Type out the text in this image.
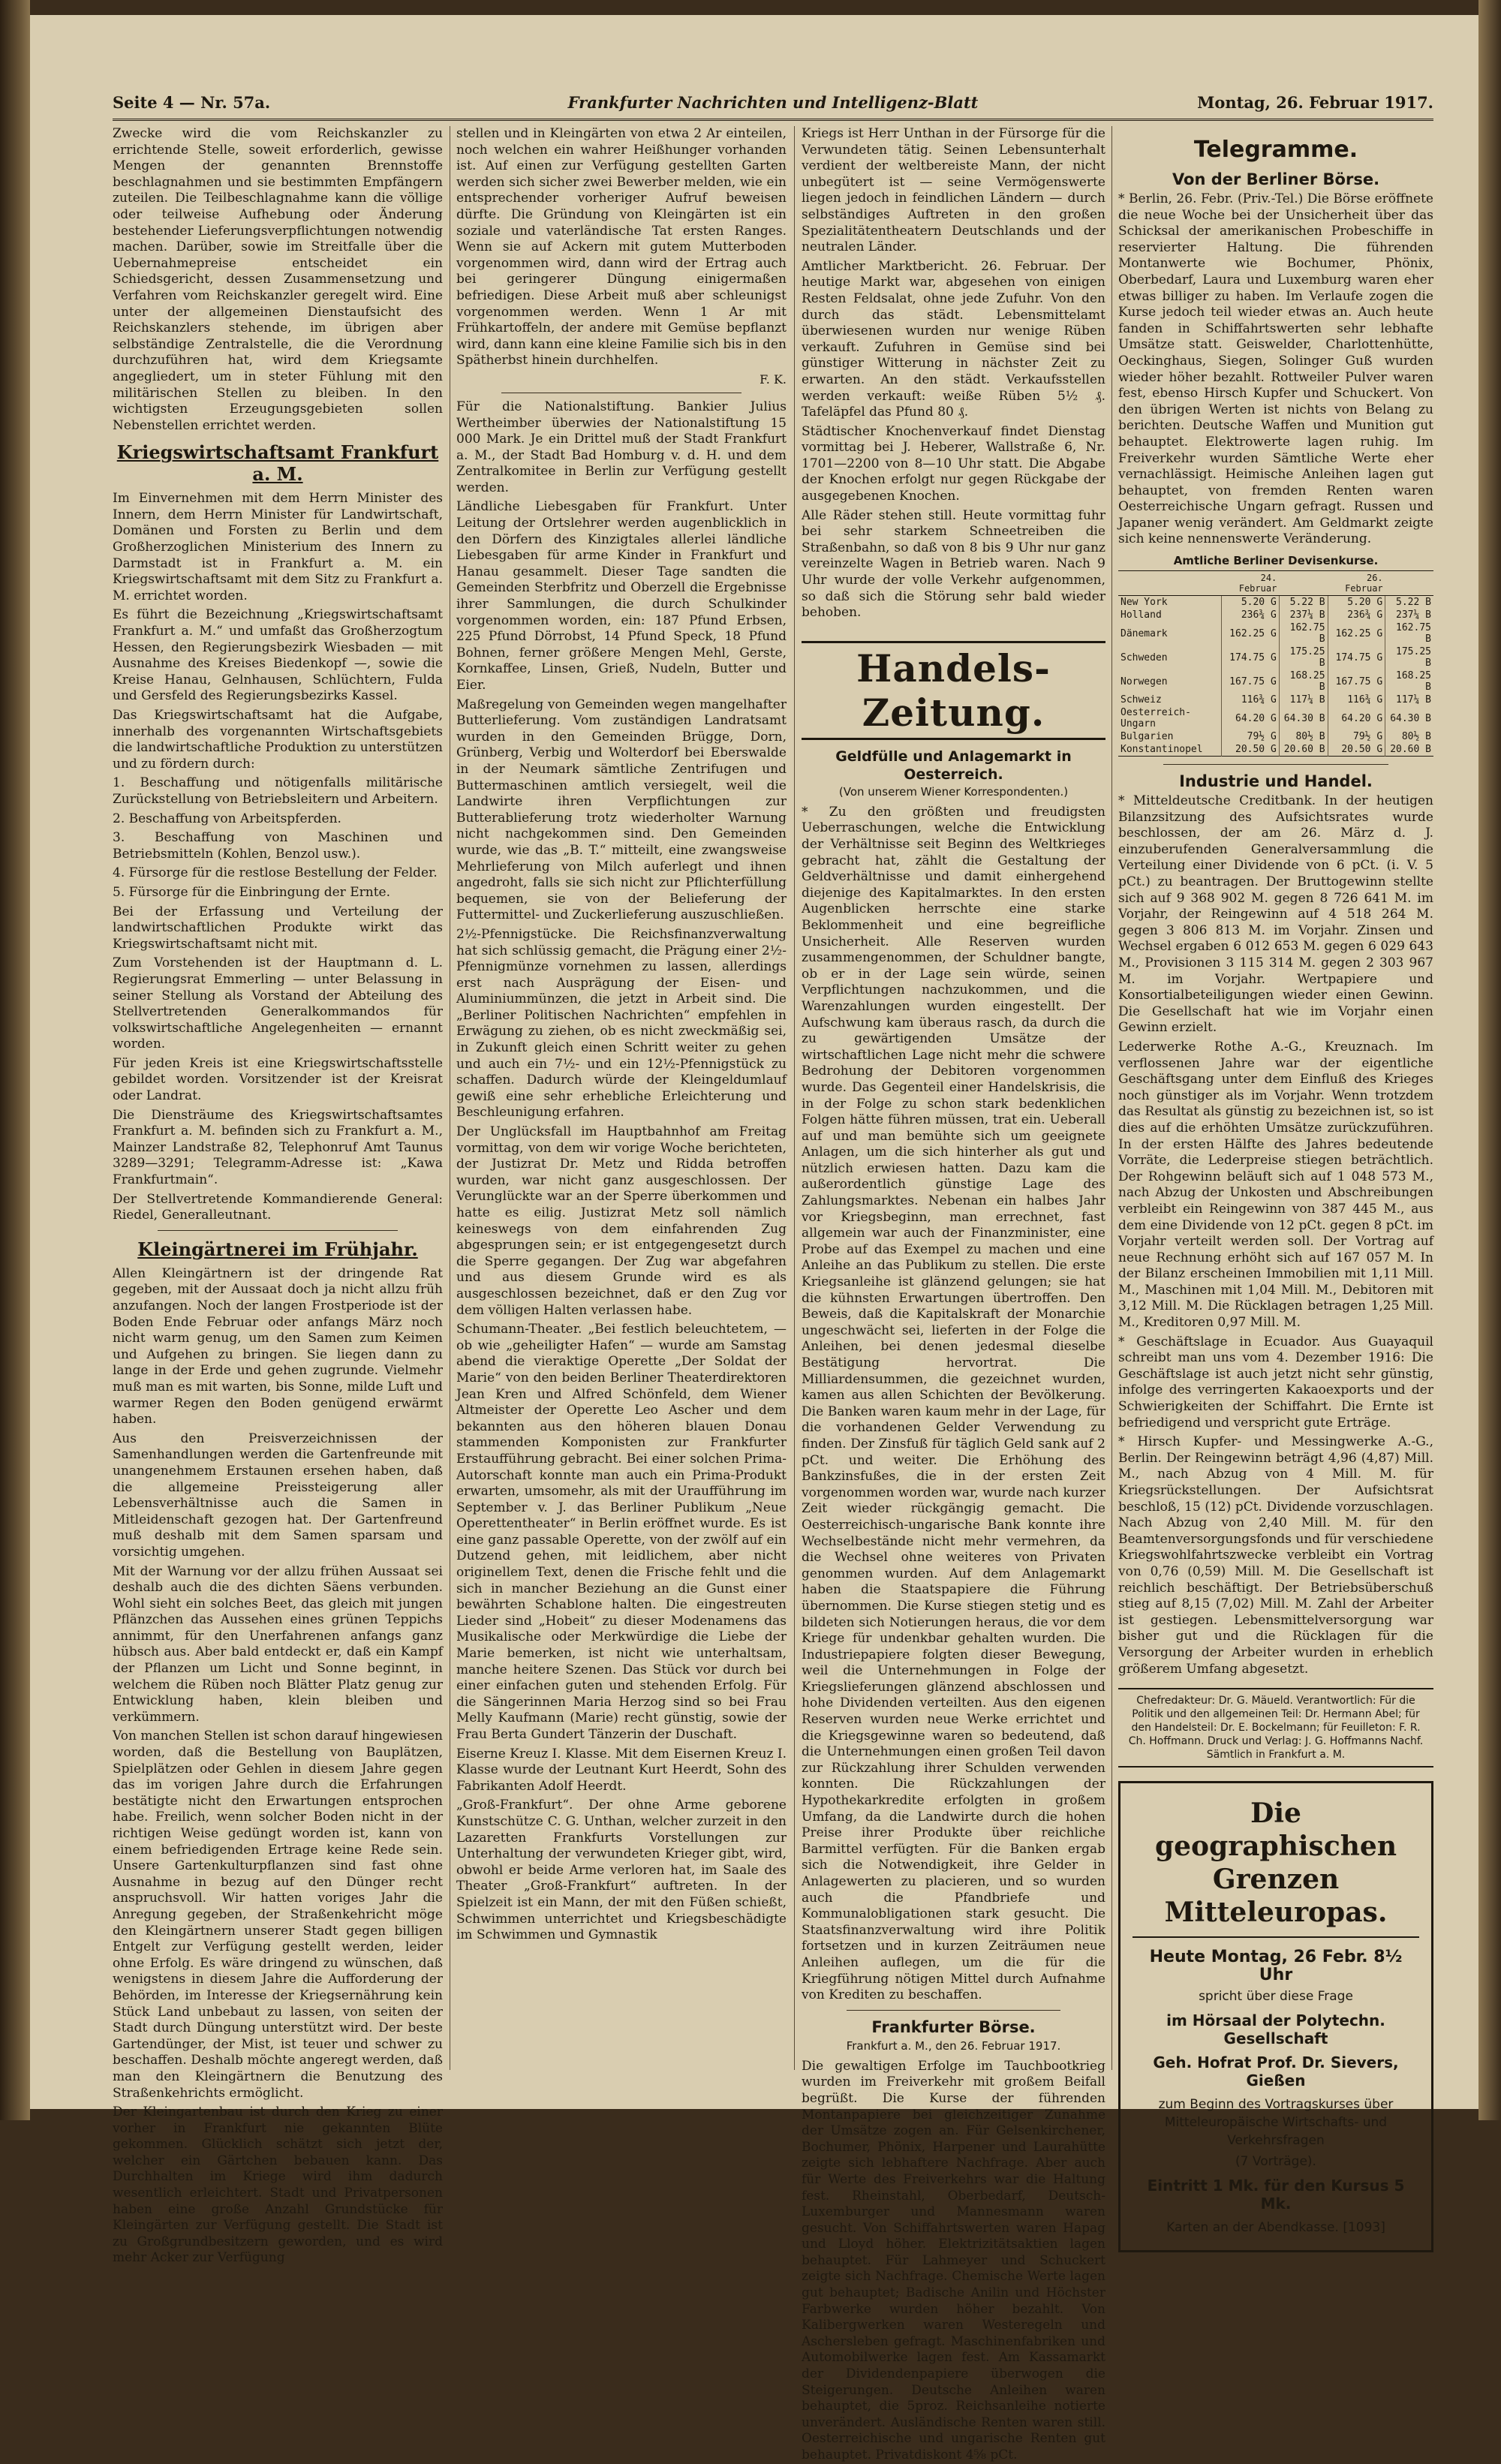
Seite 4 — Nr. 57a.	Frankfurter Nachrichten und Intelligenz-Blatt	Montag, 26. Februar 1917.

Zwecke wird die vom Reichskanzler zu errichtende Stelle, soweit erforderlich, gewisse Mengen der genannten Brennstoffe beschlagnahmen und sie bestimmten Empfängern zuteilen. Die Teilbeschlagnahme kann die völlige oder teilweise Aufhebung oder Änderung bestehender Lieferungsverpflichtungen notwendig machen. Darüber, sowie im Streitfalle über die Uebernahmepreise entscheidet ein Schiedsgericht, dessen Zusammensetzung und Verfahren vom Reichskanzler geregelt wird. Eine unter der allgemeinen Dienstaufsicht des Reichskanzlers stehende, im übrigen aber selbständige Zentralstelle, die die Verordnung durchzuführen hat, wird dem Kriegsamte angegliedert, um in steter Fühlung mit den militärischen Stellen zu bleiben. In den wichtigsten Erzeugungsgebieten sollen Nebenstellen errichtet werden.

Kriegswirtschaftsamt Frankfurt a. M.

Im Einvernehmen mit dem Herrn Minister des Innern, dem Herrn Minister für Landwirtschaft, Domänen und Forsten zu Berlin und dem Großherzoglichen Ministerium des Innern zu Darmstadt ist in Frankfurt a. M. ein Kriegswirtschaftsamt mit dem Sitz zu Frankfurt a. M. errichtet worden.

Es führt die Bezeichnung „Kriegswirtschaftsamt Frankfurt a. M.“ und umfaßt das Großherzogtum Hessen, den Regierungsbezirk Wiesbaden — mit Ausnahme des Kreises Biedenkopf —, sowie die Kreise Hanau, Gelnhausen, Schlüchtern, Fulda und Gersfeld des Regierungsbezirks Kassel.

Das Kriegswirtschaftsamt hat die Aufgabe, innerhalb des vorgenannten Wirtschaftsgebiets die landwirtschaftliche Produktion zu unterstützen und zu fördern durch:

1. Beschaffung und nötigenfalls militärische Zurückstellung von Betriebsleitern und Arbeitern.

2. Beschaffung von Arbeitspferden.

3. Beschaffung von Maschinen und Betriebsmitteln (Kohlen, Benzol usw.).

4. Fürsorge für die restlose Bestellung der Felder.

5. Fürsorge für die Einbringung der Ernte.

Bei der Erfassung und Verteilung der landwirtschaftlichen Produkte wirkt das Kriegswirtschaftsamt nicht mit.

Zum Vorstehenden ist der Hauptmann d. L. Regierungsrat Emmerling — unter Belassung in seiner Stellung als Vorstand der Abteilung des Stellvertretenden Generalkommandos für volkswirtschaftliche Angelegenheiten — ernannt worden.

Für jeden Kreis ist eine Kriegswirtschaftsstelle gebildet worden. Vorsitzender ist der Kreisrat oder Landrat.

Die Diensträume des Kriegswirtschaftsamtes Frankfurt a. M. befinden sich zu Frankfurt a. M., Mainzer Landstraße 82, Telephonruf Amt Taunus 3289—3291; Telegramm-Adresse ist: „Kawa Frankfurtmain“.

Der Stellvertretende Kommandierende General: Riedel, Generalleutnant.

Kleingärtnerei im Frühjahr.

Allen Kleingärtnern ist der dringende Rat gegeben, mit der Aussaat doch ja nicht allzu früh anzufangen. Noch der langen Frostperiode ist der Boden Ende Februar oder anfangs März noch nicht warm genug, um den Samen zum Keimen und Aufgehen zu bringen. Sie liegen dann zu lange in der Erde und gehen zugrunde. Vielmehr muß man es mit warten, bis Sonne, milde Luft und warmer Regen den Boden genügend erwärmt haben.

Aus den Preisverzeichnissen der Samenhandlungen werden die Gartenfreunde mit unangenehmem Erstaunen ersehen haben, daß die allgemeine Preissteigerung aller Lebensverhältnisse auch die Samen in Mitleidenschaft gezogen hat. Der Gartenfreund muß deshalb mit dem Samen sparsam und vorsichtig umgehen.

Mit der Warnung vor der allzu frühen Aussaat sei deshalb auch die des dichten Säens verbunden. Wohl sieht ein solches Beet, das gleich mit jungen Pflänzchen das Aussehen eines grünen Teppichs annimmt, für den Unerfahrenen anfangs ganz hübsch aus. Aber bald entdeckt er, daß ein Kampf der Pflanzen um Licht und Sonne beginnt, in welchem die Rüben noch Blätter Platz genug zur Entwicklung haben, klein bleiben und verkümmern.

Von manchen Stellen ist schon darauf hingewiesen worden, daß die Bestellung von Bauplätzen, Spielplätzen oder Gehlen in diesem Jahre gegen das im vorigen Jahre durch die Erfahrungen bestätigte nicht den Erwartungen entsprochen habe. Freilich, wenn solcher Boden nicht in der richtigen Weise gedüngt worden ist, kann von einem befriedigenden Ertrage keine Rede sein. Unsere Gartenkulturpflanzen sind fast ohne Ausnahme in bezug auf den Dünger recht anspruchsvoll. Wir hatten voriges Jahr die Anregung gegeben, der Straßenkehricht möge den Kleingärtnern unserer Stadt gegen billigen Entgelt zur Verfügung gestellt werden, leider ohne Erfolg. Es wäre dringend zu wünschen, daß wenigstens in diesem Jahre die Aufforderung der Behörden, im Interesse der Kriegsernährung kein Stück Land unbebaut zu lassen, von seiten der Stadt durch Düngung unterstützt wird. Der beste Gartendünger, der Mist, ist teuer und schwer zu beschaffen. Deshalb möchte angeregt werden, daß man den Kleingärtnern die Benutzung des Straßenkehrichts ermöglicht.

Der Kleingartenbau ist durch den Krieg zu einer vorher in Frankfurt nie gekannten Blüte gekommen. Glücklich schätzt sich jetzt der, welcher ein Gärtchen bebauen kann. Das Durchhalten im Kriege wird ihm dadurch wesentlich erleichtert. Stadt und Privatpersonen haben eine große Anzahl Grundstücke für Kleingärten zur Verfügung gestellt. Die Stadt ist zu Großgrundbesitzern geworden, und es wird mehr Acker zur Verfügung

stellen und in Kleingärten von etwa 2 Ar einteilen, noch welchen ein wahrer Heißhunger vorhanden ist. Auf einen zur Verfügung gestellten Garten werden sich sicher zwei Bewerber melden, wie ein entsprechender vorheriger Aufruf beweisen dürfte. Die Gründung von Kleingärten ist ein soziale und vaterländische Tat ersten Ranges. Wenn sie auf Ackern mit gutem Mutterboden vorgenommen wird, dann wird der Ertrag auch bei geringerer Düngung einigermaßen befriedigen. Diese Arbeit muß aber schleunigst vorgenommen werden. Wenn 1 Ar mit Frühkartoffeln, der andere mit Gemüse bepflanzt wird, dann kann eine kleine Familie sich bis in den Spätherbst hinein durchhelfen.

F. K.

Für die Nationalstiftung. Bankier Julius Wertheimber überwies der Nationalstiftung 15 000 Mark. Je ein Drittel muß der Stadt Frankfurt a. M., der Stadt Bad Homburg v. d. H. und dem Zentralkomitee in Berlin zur Verfügung gestellt werden.

Ländliche Liebesgaben für Frankfurt. Unter Leitung der Ortslehrer werden augenblicklich in den Dörfern des Kinzigtales allerlei ländliche Liebesgaben für arme Kinder in Frankfurt und Hanau gesammelt. Dieser Tage sandten die Gemeinden Sterbfritz und Oberzell die Ergebnisse ihrer Sammlungen, die durch Schulkinder vorgenommen worden, ein: 187 Pfund Erbsen, 225 Pfund Dörrobst, 14 Pfund Speck, 18 Pfund Bohnen, ferner größere Mengen Mehl, Gerste, Kornkaffee, Linsen, Grieß, Nudeln, Butter und Eier.

Maßregelung von Gemeinden wegen mangelhafter Butterlieferung. Vom zuständigen Landratsamt wurden in den Gemeinden Brügge, Dorn, Grünberg, Verbig und Wolterdorf bei Eberswalde in der Neumark sämtliche Zentrifugen und Buttermaschinen amtlich versiegelt, weil die Landwirte ihren Verpflichtungen zur Butterablieferung trotz wiederholter Warnung nicht nachgekommen sind. Den Gemeinden wurde, wie das „B. T.“ mitteilt, eine zwangsweise Mehrlieferung von Milch auferlegt und ihnen angedroht, falls sie sich nicht zur Pflichterfüllung bequemen, sie von der Belieferung der Futtermittel- und Zuckerlieferung auszuschließen.

2½-Pfennigstücke. Die Reichsfinanzverwaltung hat sich schlüssig gemacht, die Prägung einer 2½-Pfennigmünze vornehmen zu lassen, allerdings erst nach Ausprägung der Eisen- und Aluminiummünzen, die jetzt in Arbeit sind. Die „Berliner Politischen Nachrichten“ empfehlen in Erwägung zu ziehen, ob es nicht zweckmäßig sei, in Zukunft gleich einen Schritt weiter zu gehen und auch ein 7½- und ein 12½-Pfennigstück zu schaffen. Dadurch würde der Kleingeldumlauf gewiß eine sehr erhebliche Erleichterung und Beschleunigung erfahren.

Der Unglücksfall im Hauptbahnhof am Freitag vormittag, von dem wir vorige Woche berichteten, der Justizrat Dr. Metz und Ridda betroffen wurden, war nicht ganz ausgeschlossen. Der Verunglückte war an der Sperre überkommen und hatte es eilig. Justizrat Metz soll nämlich keineswegs von dem einfahrenden Zug abgesprungen sein; er ist entgegengesetzt durch die Sperre gegangen. Der Zug war abgefahren und aus diesem Grunde wird es als ausgeschlossen bezeichnet, daß er den Zug vor dem völligen Halten verlassen habe.

Schumann-Theater. „Bei festlich beleuchtetem, — ob wie „geheiligter Hafen“ — wurde am Samstag abend die vieraktige Operette „Der Soldat der Marie“ von den beiden Berliner Theaterdirektoren Jean Kren und Alfred Schönfeld, dem Wiener Altmeister der Operette Leo Ascher und dem bekannten aus den höheren blauen Donau stammenden Komponisten zur Frankfurter Erstaufführung gebracht. Bei einer solchen Prima-Autorschaft konnte man auch ein Prima-Produkt erwarten, umsomehr, als mit der Uraufführung im September v. J. das Berliner Publikum „Neue Operettentheater“ in Berlin eröffnet wurde. Es ist eine ganz passable Operette, von der zwölf auf ein Dutzend gehen, mit leidlichem, aber nicht originellem Text, denen die Frische fehlt und die sich in mancher Beziehung an die Gunst einer bewährten Schablone halten. Die eingestreuten Lieder sind „Hobeit“ zu dieser Modenamens das Musikalische oder Merkwürdige die Liebe der Marie bemerken, ist nicht wie unterhaltsam, manche heitere Szenen. Das Stück vor durch bei einer einfachen guten und stehenden Erfolg. Für die Sängerinnen Maria Herzog sind so bei Frau Melly Kaufmann (Marie) recht günstig, sowie der Frau Berta Gundert Tänzerin der Duschaft.

Eiserne Kreuz I. Klasse. Mit dem Eisernen Kreuz I. Klasse wurde der Leutnant Kurt Heerdt, Sohn des Fabrikanten Adolf Heerdt.

„Groß-Frankfurt“. Der ohne Arme geborene Kunstschütze C. G. Unthan, welcher zurzeit in den Lazaretten Frankfurts Vorstellungen zur Unterhaltung der verwundeten Krieger gibt, wird, obwohl er beide Arme verloren hat, im Saale des Theater „Groß-Frankfurt“ auftreten. In der Spielzeit ist ein Mann, der mit den Füßen schießt, Schwimmen unterrichtet und Kriegsbeschädigte im Schwimmen und Gymnastik

Kriegs ist Herr Unthan in der Fürsorge für die Verwundeten tätig. Seinen Lebensunterhalt verdient der weltbereiste Mann, der nicht unbegütert ist — seine Vermögenswerte liegen jedoch in feindlichen Ländern — durch selbständiges Auftreten in den großen Spezialitätentheatern Deutschlands und der neutralen Länder.

Amtlicher Marktbericht. 26. Februar. Der heutige Markt war, abgesehen von einigen Resten Feldsalat, ohne jede Zufuhr. Von den durch das städt. Lebensmittelamt überwiesenen wurden nur wenige Rüben verkauft. Zufuhren in Gemüse sind bei günstiger Witterung in nächster Zeit zu erwarten. An den städt. Verkaufsstellen werden verkauft: weiße Rüben 5½ ₰. Tafeläpfel das Pfund 80 ₰.

Städtischer Knochenverkauf findet Dienstag vormittag bei J. Heberer, Wallstraße 6, Nr. 1701—2200 von 8—10 Uhr statt. Die Abgabe der Knochen erfolgt nur gegen Rückgabe der ausgegebenen Knochen.

Alle Räder stehen still. Heute vormittag fuhr bei sehr starkem Schneetreiben die Straßenbahn, so daß von 8 bis 9 Uhr nur ganz vereinzelte Wagen in Betrieb waren. Nach 9 Uhr wurde der volle Verkehr aufgenommen, so daß sich die Störung sehr bald wieder behoben.

Handels-Zeitung.
Geldfülle und Anlagemarkt in Oesterreich.
(Von unserem Wiener Korrespondenten.)

* Zu den größten und freudigsten Ueberraschungen, welche die Entwicklung der Verhältnisse seit Beginn des Weltkrieges gebracht hat, zählt die Gestaltung der Geldverhältnisse und damit einhergehend diejenige des Kapitalmarktes. In den ersten Augenblicken herrschte eine starke Beklommenheit und eine begreifliche Unsicherheit. Alle Reserven wurden zusammengenommen, der Schuldner bangte, ob er in der Lage sein würde, seinen Verpflichtungen nachzukommen, und die Warenzahlungen wurden eingestellt. Der Aufschwung kam überaus rasch, da durch die zu gewärtigenden Umsätze der wirtschaftlichen Lage nicht mehr die schwere Bedrohung der Debitoren vorgenommen wurde. Das Gegenteil einer Handelskrisis, die in der Folge zu schon stark bedenklichen Folgen hätte führen müssen, trat ein. Ueberall auf und man bemühte sich um geeignete Anlagen, um die sich hinterher als gut und nützlich erwiesen hatten. Dazu kam die außerordentlich günstige Lage des Zahlungsmarktes. Nebenan ein halbes Jahr vor Kriegsbeginn, man errechnet, fast allgemein war auch der Finanzminister, eine Probe auf das Exempel zu machen und eine Anleihe an das Publikum zu stellen. Die erste Kriegsanleihe ist glänzend gelungen; sie hat die kühnsten Erwartungen übertroffen. Den Beweis, daß die Kapitalskraft der Monarchie ungeschwächt sei, lieferten in der Folge die Anleihen, bei denen jedesmal dieselbe Bestätigung hervortrat. Die Milliardensummen, die gezeichnet wurden, kamen aus allen Schichten der Bevölkerung. Die Banken waren kaum mehr in der Lage, für die vorhandenen Gelder Verwendung zu finden. Der Zinsfuß für täglich Geld sank auf 2 pCt. und weiter. Die Erhöhung des Bankzinsfußes, die in der ersten Zeit vorgenommen worden war, wurde nach kurzer Zeit wieder rückgängig gemacht. Die Oesterreichisch-ungarische Bank konnte ihre Wechselbestände nicht mehr vermehren, da die Wechsel ohne weiteres von Privaten genommen wurden. Auf dem Anlagemarkt haben die Staatspapiere die Führung übernommen. Die Kurse stiegen stetig und es bildeten sich Notierungen heraus, die vor dem Kriege für undenkbar gehalten wurden. Die Industriepapiere folgten dieser Bewegung, weil die Unternehmungen in Folge der Kriegslieferungen glänzend abschlossen und hohe Dividenden verteilten. Aus den eigenen Reserven wurden neue Werke errichtet und die Kriegsgewinne waren so bedeutend, daß die Unternehmungen einen großen Teil davon zur Rückzahlung ihrer Schulden verwenden konnten. Die Rückzahlungen der Hypothekarkredite erfolgten in großem Umfang, da die Landwirte durch die hohen Preise ihrer Produkte über reichliche Barmittel verfügten. Für die Banken ergab sich die Notwendigkeit, ihre Gelder in Anlagewerten zu placieren, und so wurden auch die Pfandbriefe und Kommunalobligationen stark gesucht. Die Staatsfinanzverwaltung wird ihre Politik fortsetzen und in kurzen Zeiträumen neue Anleihen auflegen, um die für die Kriegführung nötigen Mittel durch Aufnahme von Krediten zu beschaffen.

Frankfurter Börse.
Frankfurt a. M., den 26. Februar 1917.

Die gewaltigen Erfolge im Tauchbootkrieg wurden im Freiverkehr mit großem Beifall begrüßt. Die Kurse der führenden Montanpapiere bei gleichzeitiger Zunahme der Umsätze zogen an. Für Gelsenkirchener, Bochumer, Phönix, Harpener und Laurahütte zeigte sich lebhaftere Nachfrage. Aber auch für Werte des Freiverkehrs war die Haltung fest. Rheinstahl, Oberbedarf, Deutsch-Luxemburger und Mannesmann waren gesucht. Von Schiffahrtswerten waren Hapag und Lloyd höher. Elektrizitätsaktien lagen behauptet. Für Lahmeyer und Schuckert zeigte sich Nachfrage. Chemische Werte lagen gut behauptet; Badische Anilin und Höchster Farbwerke wurden höher bezahlt. Von Kalibergwerken waren Westeregeln und Aschersleben gefragt. Maschinenfabriken und Automobilwerke lagen fest. Am Kassamarkt der Dividendenpapiere überwogen die Steigerungen. Deutsche Anleihen waren behauptet, die 5proz. Reichsanleihe notierte unverändert. Ausländische Renten waren still. Oesterreichische und ungarische Renten gut behauptet. Privatdiskont 4⅝ pCt.

Telegramme.
Von der Berliner Börse.

* Berlin, 26. Febr. (Priv.-Tel.) Die Börse eröffnete die neue Woche bei der Unsicherheit über das Schicksal der amerikanischen Probeschiffe in reservierter Haltung. Die führenden Montanwerte wie Bochumer, Phönix, Oberbedarf, Laura und Luxemburg waren eher etwas billiger zu haben. Im Verlaufe zogen die Kurse jedoch teil wieder etwas an. Auch heute fanden in Schiffahrtswerten sehr lebhafte Umsätze statt. Geiswelder, Charlottenhütte, Oeckinghaus, Siegen, Solinger Guß wurden wieder höher bezahlt. Rottweiler Pulver waren fest, ebenso Hirsch Kupfer und Schuckert. Von den übrigen Werten ist nichts von Belang zu berichten. Deutsche Waffen und Munition gut behauptet. Elektrowerte lagen ruhig. Im Freiverkehr wurden Sämtliche Werte eher vernachlässigt. Heimische Anleihen lagen gut behauptet, von fremden Renten waren Oesterreichische Ungarn gefragt. Russen und Japaner wenig verändert. Am Geldmarkt zeigte sich keine nennenswerte Veränderung.

Amtliche Berliner Devisenkurse.
	24. Februar		26. Februar	
New York	5.20 G	5.22 B	5.20 G	5.22 B
Holland	236¾ G	237¼ B	236¾ G	237¼ B
Dänemark	162.25 G	162.75 B	162.25 G	162.75 B
Schweden	174.75 G	175.25 B	174.75 G	175.25 B
Norwegen	167.75 G	168.25 B	167.75 G	168.25 B
Schweiz	116¾ G	117¼ B	116¾ G	117¼ B
Oesterreich-Ungarn	64.20 G	64.30 B	64.20 G	64.30 B
Bulgarien	79½ G	80½ B	79½ G	80½ B
Konstantinopel	20.50 G	20.60 B	20.50 G	20.60 B
Industrie und Handel.

* Mitteldeutsche Creditbank. In der heutigen Bilanzsitzung des Aufsichtsrates wurde beschlossen, der am 26. März d. J. einzuberufenden Generalversammlung die Verteilung einer Dividende von 6 pCt. (i. V. 5 pCt.) zu beantragen. Der Bruttogewinn stellte sich auf 9 368 902 M. gegen 8 726 641 M. im Vorjahr, der Reingewinn auf 4 518 264 M. gegen 3 806 813 M. im Vorjahr. Zinsen und Wechsel ergaben 6 012 653 M. gegen 6 029 643 M., Provisionen 3 115 314 M. gegen 2 303 967 M. im Vorjahr. Wertpapiere und Konsortialbeteiligungen wieder einen Gewinn. Die Gesellschaft hat wie im Vorjahr einen Gewinn erzielt.

Lederwerke Rothe A.-G., Kreuznach. Im verflossenen Jahre war der eigentliche Geschäftsgang unter dem Einfluß des Krieges noch günstiger als im Vorjahr. Wenn trotzdem das Resultat als günstig zu bezeichnen ist, so ist dies auf die erhöhten Umsätze zurückzuführen. In der ersten Hälfte des Jahres bedeutende Vorräte, die Lederpreise stiegen beträchtlich. Der Rohgewinn beläuft sich auf 1 048 573 M., nach Abzug der Unkosten und Abschreibungen verbleibt ein Reingewinn von 387 445 M., aus dem eine Dividende von 12 pCt. gegen 8 pCt. im Vorjahr verteilt werden soll. Der Vortrag auf neue Rechnung erhöht sich auf 167 057 M. In der Bilanz erscheinen Immobilien mit 1,11 Mill. M., Maschinen mit 1,04 Mill. M., Debitoren mit 3,12 Mill. M. Die Rücklagen betragen 1,25 Mill. M., Kreditoren 0,97 Mill. M.

* Geschäftslage in Ecuador. Aus Guayaquil schreibt man uns vom 4. Dezember 1916: Die Geschäftslage ist auch jetzt nicht sehr günstig, infolge des verringerten Kakaoexports und der Schwierigkeiten der Schiffahrt. Die Ernte ist befriedigend und verspricht gute Erträge.

* Hirsch Kupfer- und Messingwerke A.-G., Berlin. Der Reingewinn beträgt 4,96 (4,87) Mill. M., nach Abzug von 4 Mill. M. für Kriegsrückstellungen. Der Aufsichtsrat beschloß, 15 (12) pCt. Dividende vorzuschlagen. Nach Abzug von 2,40 Mill. M. für den Beamtenversorgungsfonds und für verschiedene Kriegswohlfahrtszwecke verbleibt ein Vortrag von 0,76 (0,59) Mill. M. Die Gesellschaft ist reichlich beschäftigt. Der Betriebsüberschuß stieg auf 8,15 (7,02) Mill. M. Zahl der Arbeiter ist gestiegen. Lebensmittelversorgung war bisher gut und die Rücklagen für die Versorgung der Arbeiter wurden in erheblich größerem Umfang abgesetzt.

Chefredakteur: Dr. G. Mäueld. Verantwortlich: Für die Politik und den allgemeinen Teil: Dr. Hermann Abel; für den Handelsteil: Dr. E. Bockelmann; für Feuilleton: F. R. Ch. Hoffmann. Druck und Verlag: J. G. Hoffmanns Nachf. Sämtlich in Frankfurt a. M.
Die geographischen Grenzen Mitteleuropas.
Heute Montag, 26 Febr. 8½ Uhr
spricht über diese Frage
im Hörsaal der Polytechn. Gesellschaft
Geh. Hofrat Prof. Dr. Sievers, Gießen
zum Beginn des Vortragskurses über Mitteleuropäische Wirtschafts- und Verkehrsfragen
(7 Vorträge).
Eintritt 1 Mk. für den Kursus 5 Mk.
Karten an der Abendkasse. [1093]
